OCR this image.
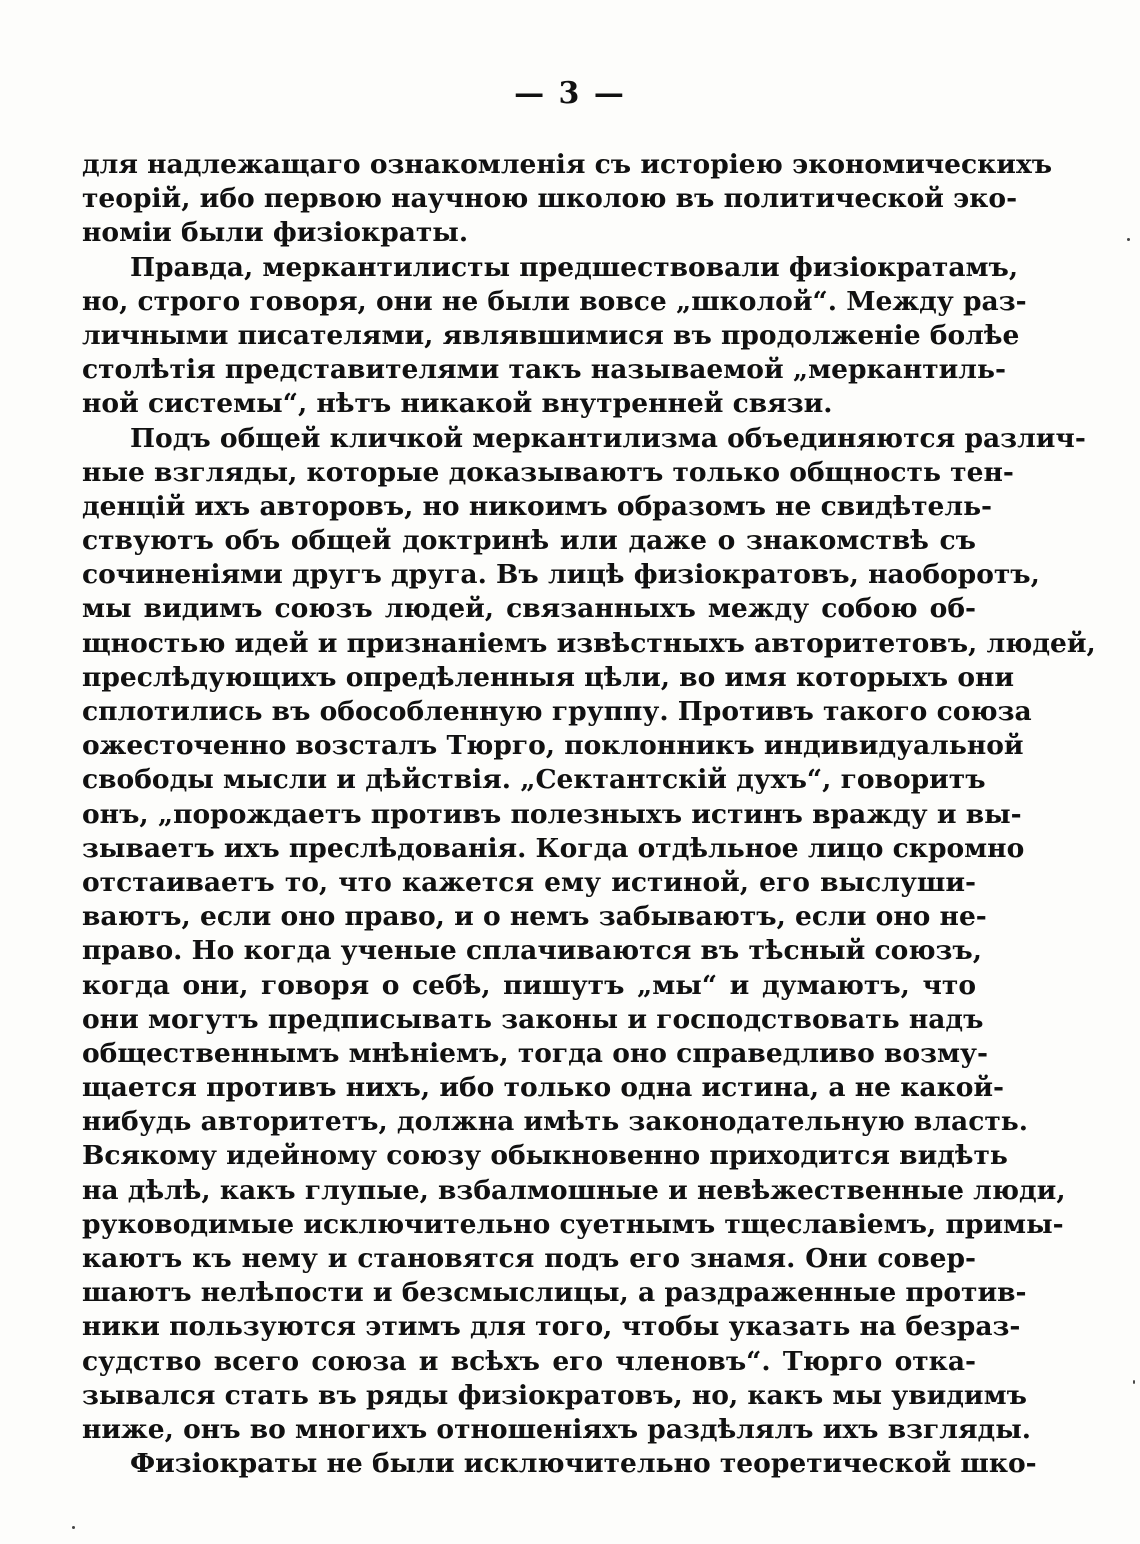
— 3 —
для надлежащаго ознакомленія съ исторіею экономическихъ
теорій, ибо первою научною школою въ политической эко-
номіи были физіократы.
Правда, меркантилисты предшествовали физіократамъ,
но, строго говоря, они не были вовсе „школой“. Между раз-
личными писателями, являвшимися въ продолженіе болѣе
столѣтія представителями такъ называемой „меркантиль-
ной системы“, нѣтъ никакой внутренней связи.
Подъ общей кличкой меркантилизма объединяются различ-
ные взгляды, которые доказываютъ только общность тен-
денцій ихъ авторовъ, но никоимъ образомъ не свидѣтель-
ствуютъ объ общей доктринѣ или даже о знакомствѣ съ
сочиненіями другъ друга. Въ лицѣ физіократовъ, наоборотъ,
мы видимъ союзъ людей, связанныхъ между собою об-
щностью идей и признаніемъ извѣстныхъ авторитетовъ, людей,
преслѣдующихъ опредѣленныя цѣли, во имя которыхъ они
сплотились въ обособленную группу. Противъ такого союза
ожесточенно возсталъ Тюрго, поклонникъ индивидуальной
свободы мысли и дѣйствія. „Сектантскій духъ“, говоритъ
онъ, „порождаетъ противъ полезныхъ истинъ вражду и вы-
зываетъ ихъ преслѣдованія. Когда отдѣльное лицо скромно
отстаиваетъ то, что кажется ему истиной, его выслуши-
ваютъ, если оно право, и о немъ забываютъ, если оно не-
право. Но когда ученые сплачиваются въ тѣсный союзъ,
когда они, говоря о себѣ, пишутъ „мы“ и думаютъ, что
они могутъ предписывать законы и господствовать надъ
общественнымъ мнѣніемъ, тогда оно справедливо возму-
щается противъ нихъ, ибо только одна истина, а не какой-
нибудь авторитетъ, должна имѣть законодательную власть.
Всякому идейному союзу обыкновенно приходится видѣть
на дѣлѣ, какъ глупые, взбалмошные и невѣжественные люди,
руководимые исключительно суетнымъ тщеславіемъ, примы-
каютъ къ нему и становятся подъ его знамя. Они совер-
шаютъ нелѣпости и безсмыслицы, а раздраженные против-
ники пользуются этимъ для того, чтобы указать на безраз-
судство всего союза и всѣхъ его членовъ“. Тюрго отка-
зывался стать въ ряды физіократовъ, но, какъ мы увидимъ
ниже, онъ во многихъ отношеніяхъ раздѣлялъ ихъ взгляды.
Физіократы не были исключительно теоретической шко-
